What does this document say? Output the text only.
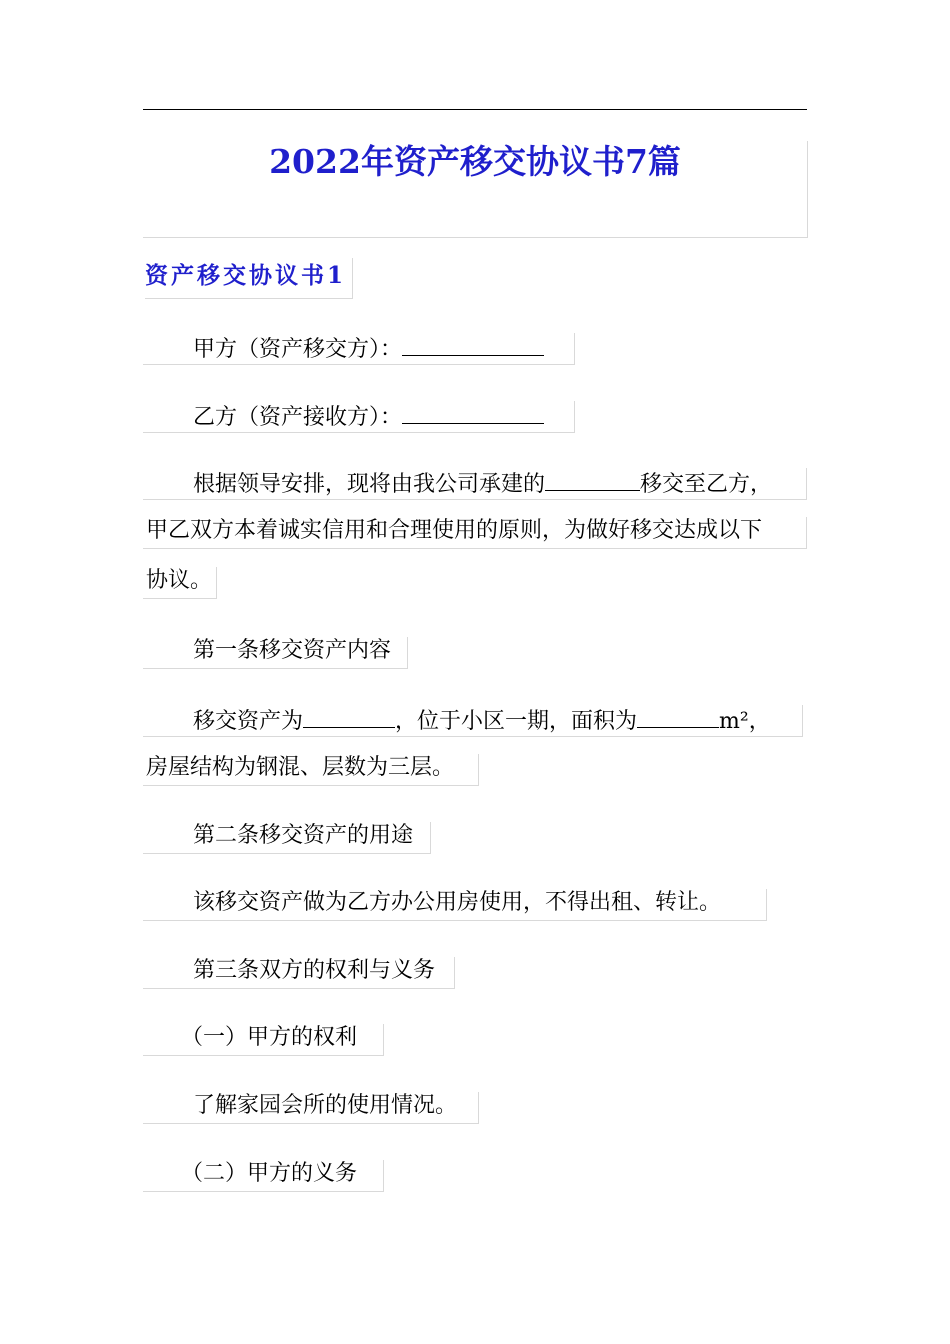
2022年资产移交协议书7篇
资产移交协议书1
甲方（资产移交方）：
乙方（资产接收方）：
根据领导安排，现将由我公司承建的	移交至乙方，
甲乙双方本着诚实信用和合理使用的原则，为做好移交达成以下
协议。
第一条移交资产内容
移交资产为	，位于小区一期，面积为	m²，
房屋结构为钢混、层数为三层。
第二条移交资产的用途
该移交资产做为乙方办公用房使用，不得出租、转让。
第三条双方的权利与义务
（一）甲方的权利
了解家园会所的使用情况。
（二）甲方的义务
